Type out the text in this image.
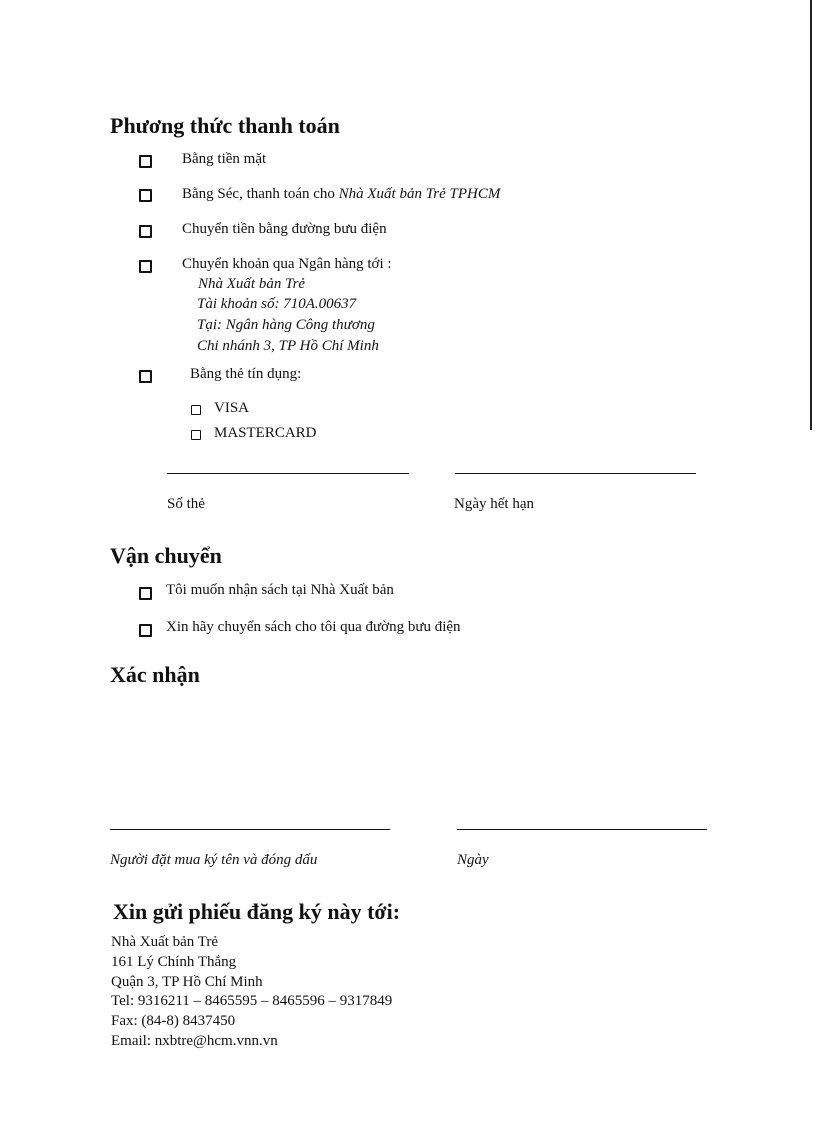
Phương thức thanh toán
Bằng tiền mặt
Bằng Séc, thanh toán cho Nhà Xuất bản Trẻ TPHCM
Chuyển tiền bằng đường bưu điện
Chuyển khoản qua Ngân hàng tới :
Nhà Xuất bản Trẻ
Tài khoản số: 710A.00637
Tại: Ngân hàng Công thương
Chi nhánh 3, TP Hồ Chí Minh
Bằng thẻ tín dụng:
VISA
MASTERCARD
Số thẻ	Ngày hết hạn
Vận chuyển
Tôi muốn nhận sách tại Nhà Xuất bản
Xin hãy chuyển sách cho tôi qua đường bưu điện
Xác nhận
Người đặt mua ký tên và đóng dấu	Ngày
Xin gửi phiếu đăng ký này tới:
Nhà Xuất bản Trẻ
161 Lý Chính Thắng
Quận 3, TP Hồ Chí Minh
Tel: 9316211 – 8465595 – 8465596 – 9317849
Fax: (84-8) 8437450
Email: nxbtre@hcm.vnn.vn
